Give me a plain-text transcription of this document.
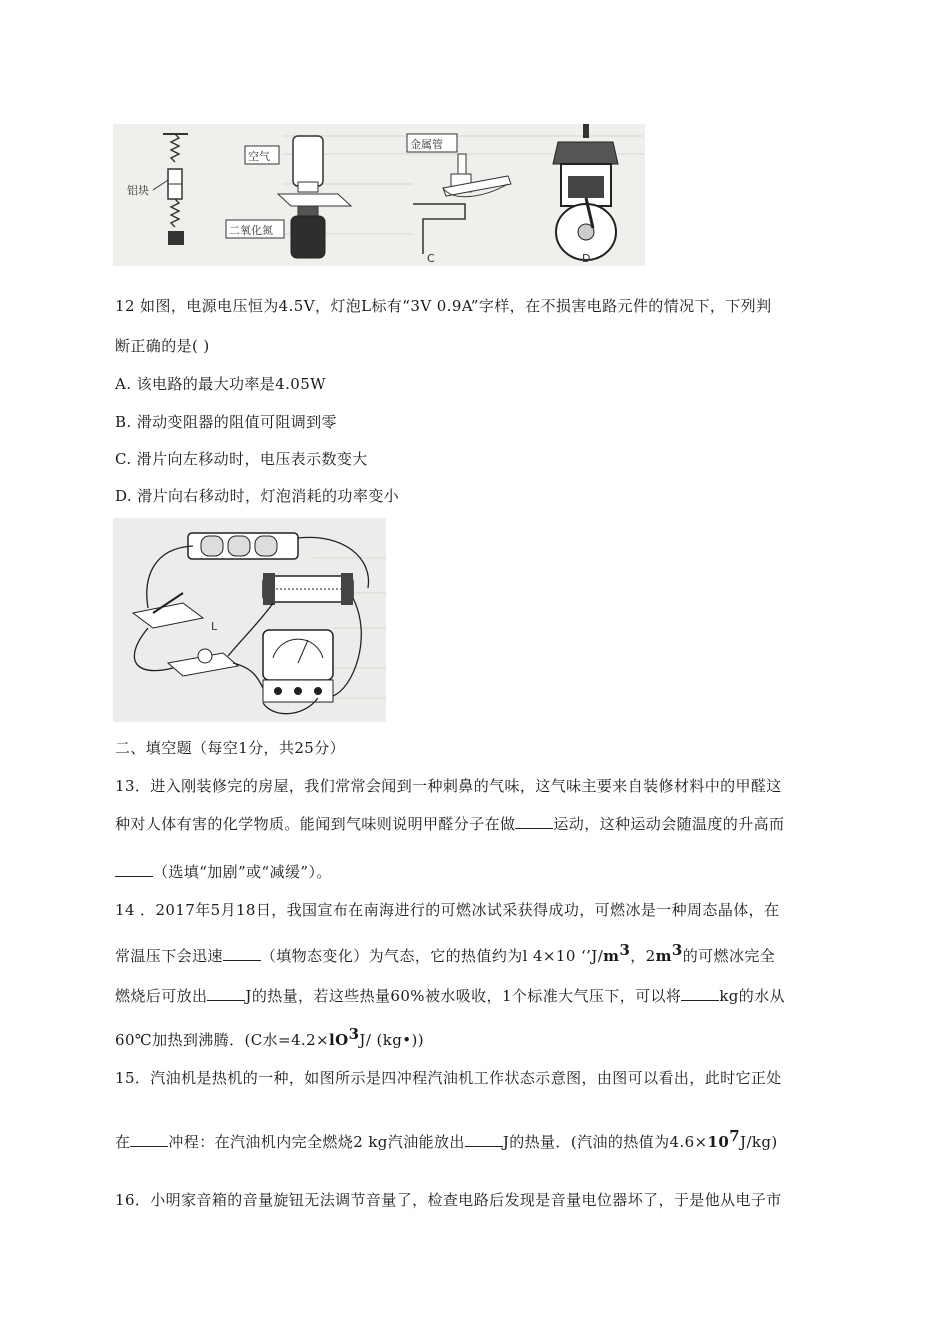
铝块
空气
二氧化氮
金属管
C	D
12 如图，电源电压恒为4.5V，灯泡L标有“3V 0.9A”字样，在不损害电路元件的情况下，下列判
断正确的是( )
A. 该电路的最大功率是4.05W
B. 滑动变阻器的阻值可阻调到零
C. 滑片向左移动时，电压表示数变大
D. 滑片向右移动时，灯泡消耗的功率变小
L
二、填空题（每空1分，共25分）
13．进入刚装修完的房屋，我们常常会闻到一种刺鼻的气味，这气味主要来自装修材料中的甲醛这
种对人体有害的化学物质。能闻到气味则说明甲醛分子在做	运动，这种运动会随温度的升高而
（选填“加剧”或“减缓”）。
14 ．2017年5月18日，我国宣布在南海进行的可燃冰试采获得成功，可燃冰是一种周态晶体，在
常温压下会迅速	（填物态变化）为气态，它的热值约为l 4×10 ‘$’J/m^3$，$2m^3$的可燃冰完全
燃烧后可放出	J的热量，若这些热量60%被水吸收，1个标准大气压下，可以将	kg的水从
60℃加热到沸腾．(C水$=4.2\times lO^3J/$ (kg•))
15．汽油机是热机的一种，如图所示是四冲程汽油机工作状态示意图，由图可以看出，此时它正处
在	冲程：在汽油机内完全燃烧2 kg汽油能放出	J的热量．(汽油的热值为$4.6\times 10^7J/kg$)
16．小明家音箱的音量旋钮无法调节音量了，检查电路后发现是音量电位器坏了，于是他从电子市
